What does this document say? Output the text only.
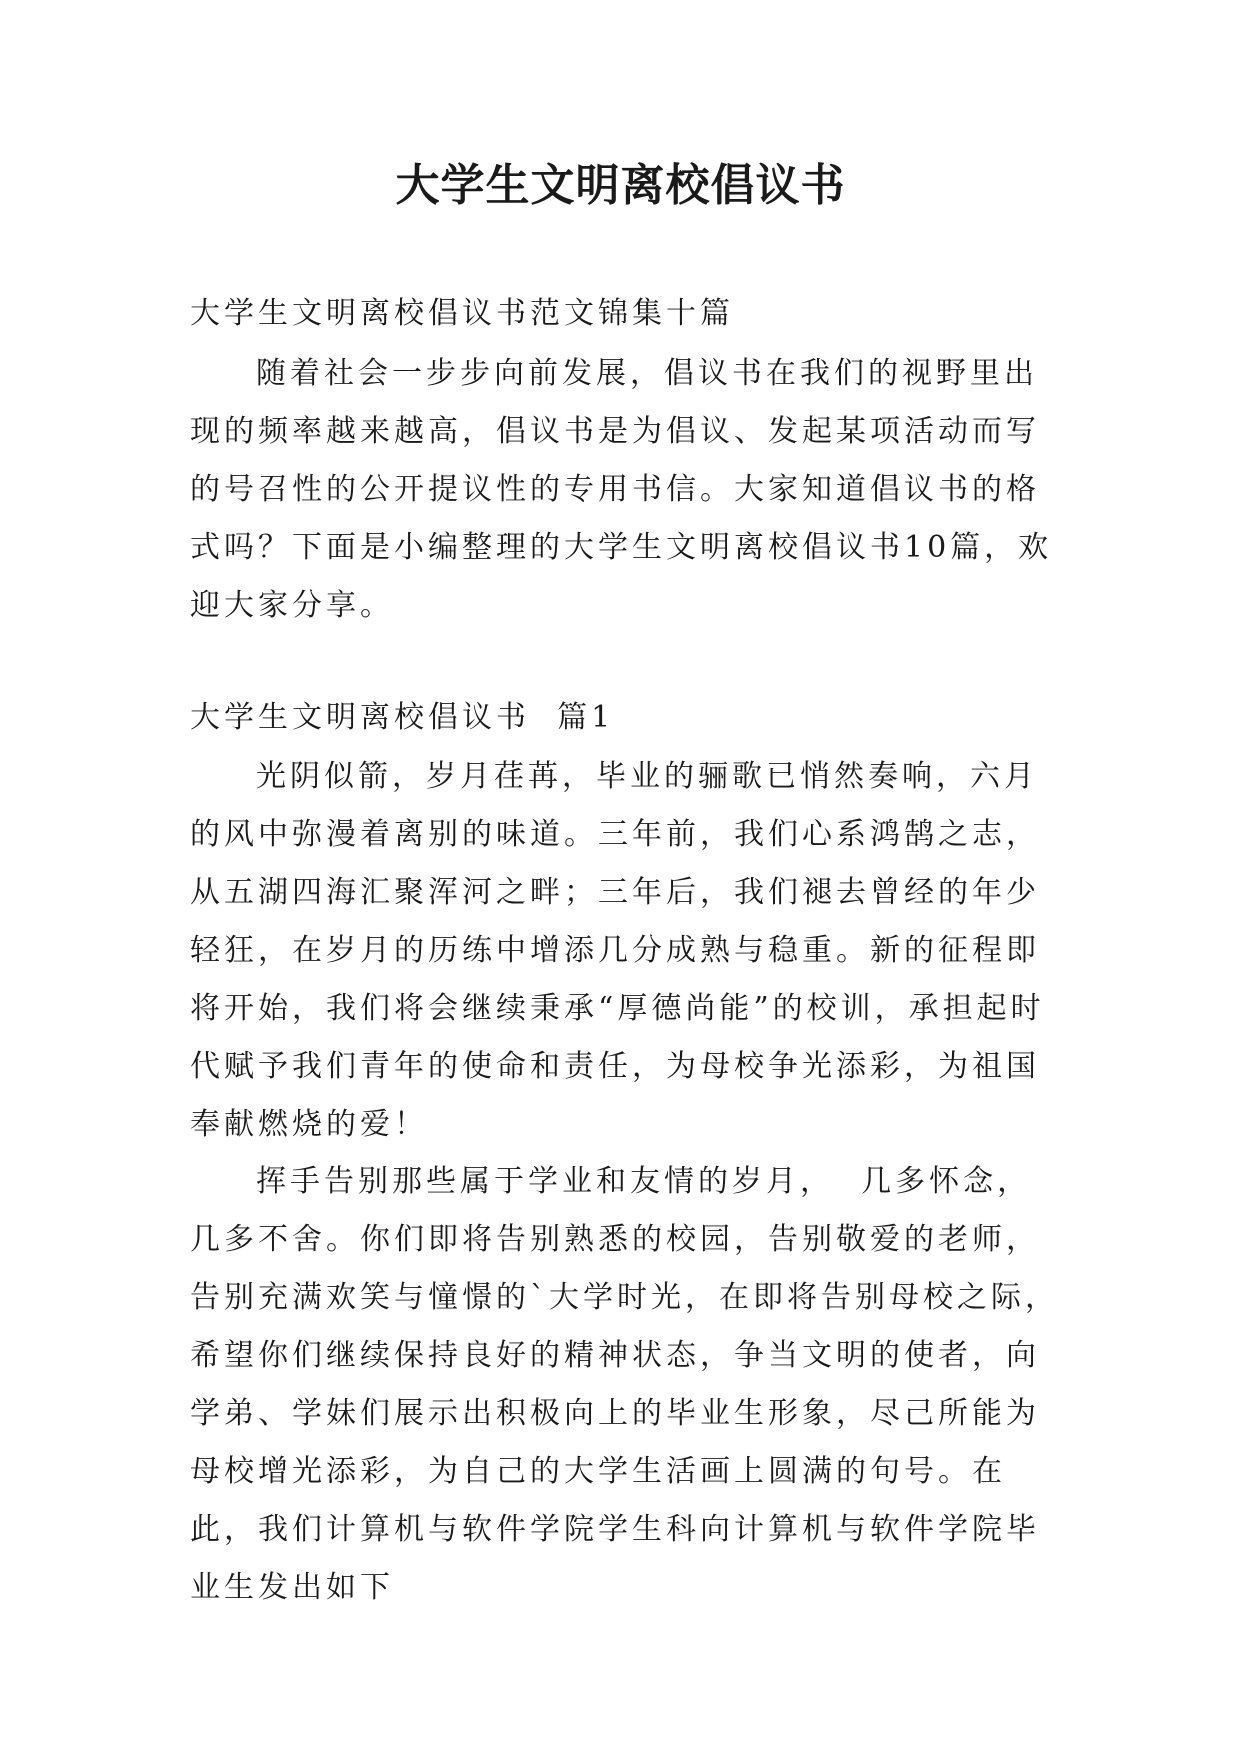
大学生文明离校倡议书

大学生文明离校倡议书范文锦集十篇

随着社会一步步向前发展，倡议书在我们的视野里出现的频率越来越高，倡议书是为倡议、发起某项活动而写的号召性的公开提议性的专用书信。大家知道倡议书的格式吗？下面是小编整理的大学生文明离校倡议书10篇，欢迎大家分享。

大学生文明离校倡议书  篇1

光阴似箭，岁月荏苒，毕业的骊歌已悄然奏响，六月的风中弥漫着离别的味道。三年前，我们心系鸿鹄之志，从五湖四海汇聚浑河之畔；三年后，我们褪去曾经的年少轻狂，在岁月的历练中增添几分成熟与稳重。新的征程即将开始，我们将会继续秉承“厚德尚能”的校训，承担起时代赋予我们青年的使命和责任，为母校争光添彩，为祖国奉献燃烧的爱！

挥手告别那些属于学业和友情的岁月，  几多怀念，几多不舍。你们即将告别熟悉的校园，告别敬爱的老师，告别充满欢笑与憧憬的`大学时光，在即将告别母校之际，希望你们继续保持良好的精神状态，争当文明的使者，向学弟、学妹们展示出积极向上的毕业生形象，尽己所能为母校增光添彩，为自己的大学生活画上圆满的句号。在此，我们计算机与软件学院学生科向计算机与软件学院毕业生发出如下
